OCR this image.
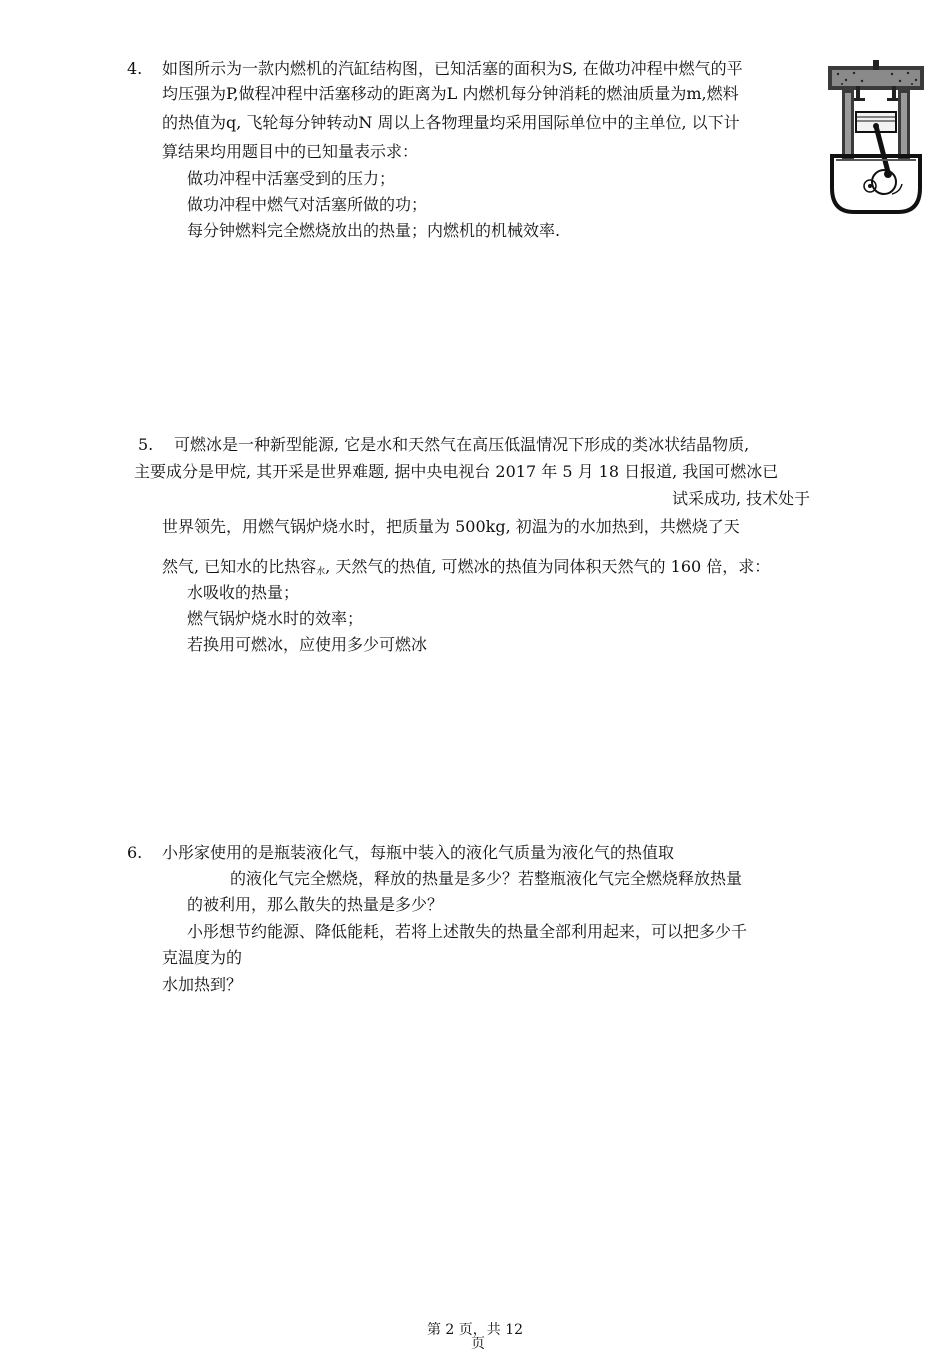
4. 如图所示为一款内燃机的汽缸结构图，已知活塞的面积为S, 在做功冲程中燃气的平
均压强为P,做程冲程中活塞移动的距离为L 内燃机每分钟消耗的燃油质量为m,燃料
的热值为q, 飞轮每分钟转动N 周以上各物理量均采用国际单位中的主单位, 以下计
算结果均用题目中的已知量表示求：
做功冲程中活塞受到的压力；
做功冲程中燃气对活塞所做的功；
每分钟燃料完全燃烧放出的热量；内燃机的机械效率.
5. 可燃冰是一种新型能源, 它是水和天然气在高压低温情况下形成的类冰状结晶物质,
主要成分是甲烷, 其开采是世界难题, 据中央电视台 2017 年 5 月 18 日报道, 我国可燃冰已
试采成功, 技术处于
世界领先，用燃气锅炉烧水时，把质量为 500kg, 初温为的水加热到，共燃烧了天
然气, 已知水的比热容$_水$, 天然气的热值, 可燃冰的热值为同体积天然气的 160 倍，求：
水吸收的热量；
燃气锅炉烧水时的效率；
若换用可燃冰，应使用多少可燃冰
6. 小彤家使用的是瓶装液化气，每瓶中装入的液化气质量为液化气的热值取
的液化气完全燃烧，释放的热量是多少？若整瓶液化气完全燃烧释放热量
的被利用，那么散失的热量是多少？
小彤想节约能源、降低能耗，若将上述散失的热量全部利用起来，可以把多少千
克温度为的
水加热到？
第 2 页，共 12
页
